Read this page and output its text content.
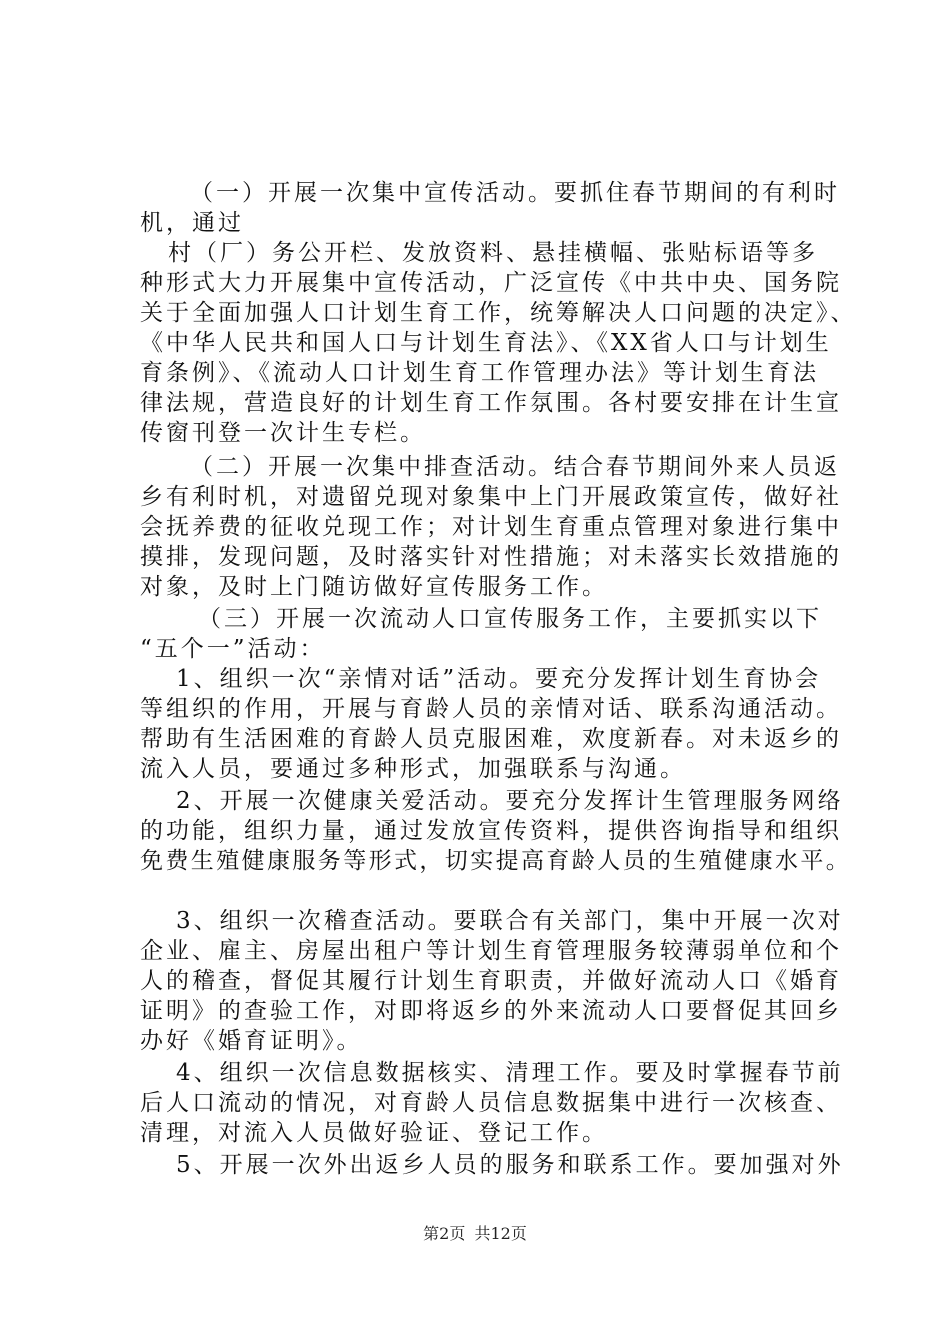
（一）开展一次集中宣传活动。要抓住春节期间的有利时

机，通过

村（厂）务公开栏、发放资料、悬挂横幅、张贴标语等多

种形式大力开展集中宣传活动，广泛宣传《中共中央、国务院

关于全面加强人口计划生育工作，统筹解决人口问题的决定》、

《中华人民共和国人口与计划生育法》、《XX省人口与计划生

育条例》、《流动人口计划生育工作管理办法》等计划生育法

律法规，营造良好的计划生育工作氛围。各村要安排在计生宣

传窗刊登一次计生专栏。

（二）开展一次集中排查活动。结合春节期间外来人员返

乡有利时机，对遗留兑现对象集中上门开展政策宣传，做好社

会抚养费的征收兑现工作；对计划生育重点管理对象进行集中

摸排，发现问题，及时落实针对性措施；对未落实长效措施的

对象，及时上门随访做好宣传服务工作。

（三）开展一次流动人口宣传服务工作，主要抓实以下

“五个一”活动：

1、组织一次“亲情对话”活动。要充分发挥计划生育协会

等组织的作用，开展与育龄人员的亲情对话、联系沟通活动。

帮助有生活困难的育龄人员克服困难，欢度新春。对未返乡的

流入人员，要通过多种形式，加强联系与沟通。

2、开展一次健康关爱活动。要充分发挥计生管理服务网络

的功能，组织力量，通过发放宣传资料，提供咨询指导和组织

免费生殖健康服务等形式，切实提高育龄人员的生殖健康水平。

3、组织一次稽查活动。要联合有关部门，集中开展一次对

企业、雇主、房屋出租户等计划生育管理服务较薄弱单位和个

人的稽查，督促其履行计划生育职责，并做好流动人口《婚育

证明》的查验工作，对即将返乡的外来流动人口要督促其回乡

办好《婚育证明》。

4、组织一次信息数据核实、清理工作。要及时掌握春节前

后人口流动的情况，对育龄人员信息数据集中进行一次核查、

清理，对流入人员做好验证、登记工作。

5、开展一次外出返乡人员的服务和联系工作。要加强对外

第2页 共12页
